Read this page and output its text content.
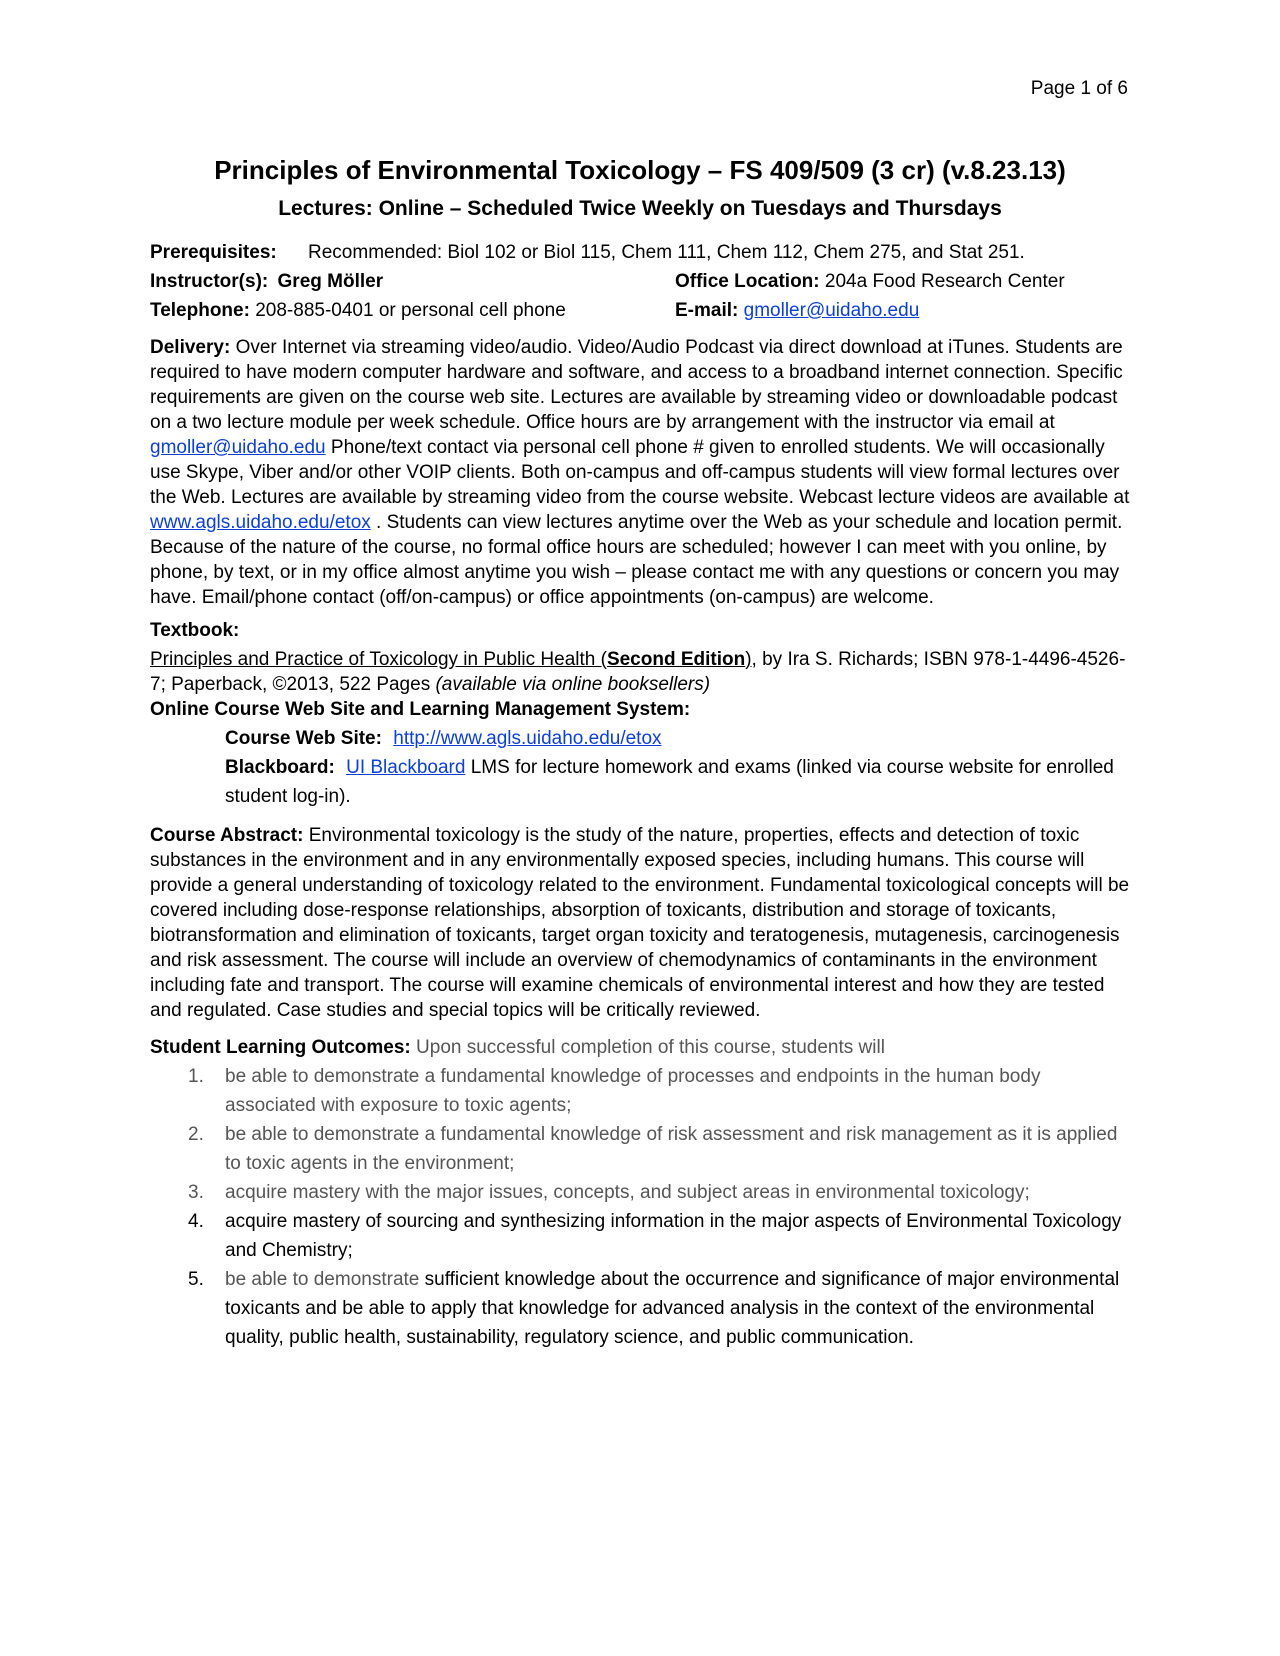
Page 1 of 6
Principles of Environmental Toxicology – FS 409/509 (3 cr) (v.8.23.13)
Lectures: Online – Scheduled Twice Weekly on Tuesdays and Thursdays
Prerequisites: Recommended: Biol 102 or Biol 115, Chem 111, Chem 112, Chem 275, and Stat 251.
Instructor(s): Greg Möller	Office Location: 204a Food Research Center
Telephone: 208-885-0401 or personal cell phone	E-mail: gmoller@uidaho.edu
Delivery: Over Internet via streaming video/audio. Video/Audio Podcast via direct download at iTunes. Students are required to have modern computer hardware and software, and access to a broadband internet connection. Specific requirements are given on the course web site. Lectures are available by streaming video or downloadable podcast on a two lecture module per week schedule. Office hours are by arrangement with the instructor via email at gmoller@uidaho.edu Phone/text contact via personal cell phone # given to enrolled students. We will occasionally use Skype, Viber and/or other VOIP clients. Both on-campus and off-campus students will view formal lectures over the Web. Lectures are available by streaming video from the course website. Webcast lecture videos are available at www.agls.uidaho.edu/etox . Students can view lectures anytime over the Web as your schedule and location permit. Because of the nature of the course, no formal office hours are scheduled; however I can meet with you online, by phone, by text, or in my office almost anytime you wish – please contact me with any questions or concern you may have. Email/phone contact (off/on-campus) or office appointments (on-campus) are welcome.
Textbook:
Principles and Practice of Toxicology in Public Health (Second Edition), by Ira S. Richards; ISBN 978-1-4496-4526-7; Paperback, ©2013, 522 Pages (available via online booksellers)
Online Course Web Site and Learning Management System:
Course Web Site: http://www.agls.uidaho.edu/etox
Blackboard: UI Blackboard LMS for lecture homework and exams (linked via course website for enrolled student log-in).
Course Abstract: Environmental toxicology is the study of the nature, properties, effects and detection of toxic substances in the environment and in any environmentally exposed species, including humans. This course will provide a general understanding of toxicology related to the environment. Fundamental toxicological concepts will be covered including dose-response relationships, absorption of toxicants, distribution and storage of toxicants, biotransformation and elimination of toxicants, target organ toxicity and teratogenesis, mutagenesis, carcinogenesis and risk assessment. The course will include an overview of chemodynamics of contaminants in the environment including fate and transport. The course will examine chemicals of environmental interest and how they are tested and regulated. Case studies and special topics will be critically reviewed.
Student Learning Outcomes: Upon successful completion of this course, students will
1. be able to demonstrate a fundamental knowledge of processes and endpoints in the human body associated with exposure to toxic agents;
2. be able to demonstrate a fundamental knowledge of risk assessment and risk management as it is applied to toxic agents in the environment;
3. acquire mastery with the major issues, concepts, and subject areas in environmental toxicology;
4. acquire mastery of sourcing and synthesizing information in the major aspects of Environmental Toxicology and Chemistry;
5. be able to demonstrate sufficient knowledge about the occurrence and significance of major environmental toxicants and be able to apply that knowledge for advanced analysis in the context of the environmental quality, public health, sustainability, regulatory science, and public communication.
